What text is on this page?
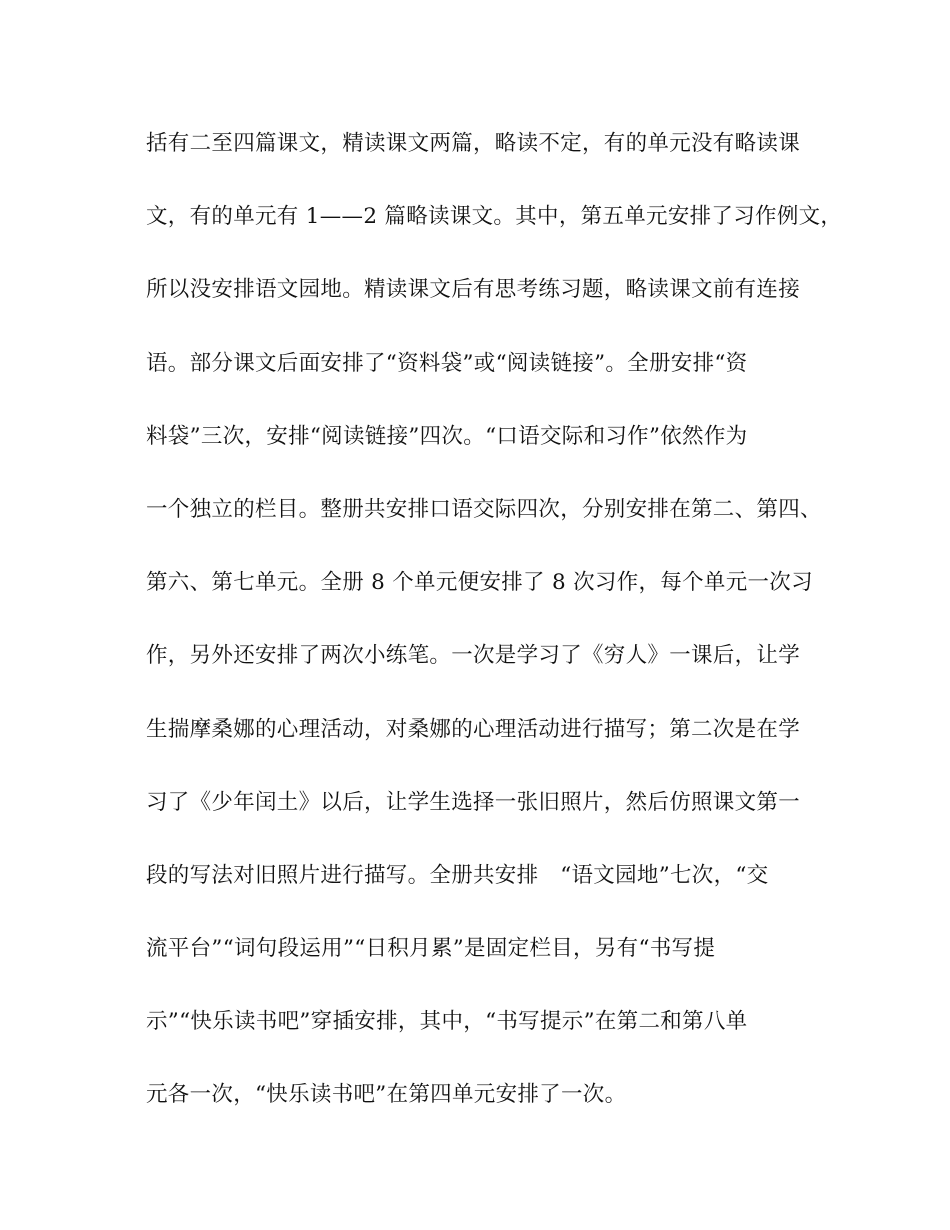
括有二至四篇课文，精读课文两篇，略读不定，有的单元没有略读课
文，有的单元有 1——2 篇略读课文。其中，第五单元安排了习作例文，
所以没安排语文园地。精读课文后有思考练习题，略读课文前有连接
语。部分课文后面安排了“资料袋”或“阅读链接”。全册安排“资
料袋”三次，安排“阅读链接”四次。“口语交际和习作”依然作为
一个独立的栏目。整册共安排口语交际四次，分别安排在第二、第四、
第六、第七单元。全册 8 个单元便安排了 8 次习作，每个单元一次习
作，另外还安排了两次小练笔。一次是学习了《穷人》一课后，让学
生揣摩桑娜的心理活动，对桑娜的心理活动进行描写；第二次是在学
习了《少年闰土》以后，让学生选择一张旧照片，然后仿照课文第一
段的写法对旧照片进行描写。全册共安排　“语文园地”七次，“交
流平台”“词句段运用”“日积月累”是固定栏目，另有“书写提
示”“快乐读书吧”穿插安排，其中，“书写提示”在第二和第八单
元各一次，“快乐读书吧”在第四单元安排了一次。
